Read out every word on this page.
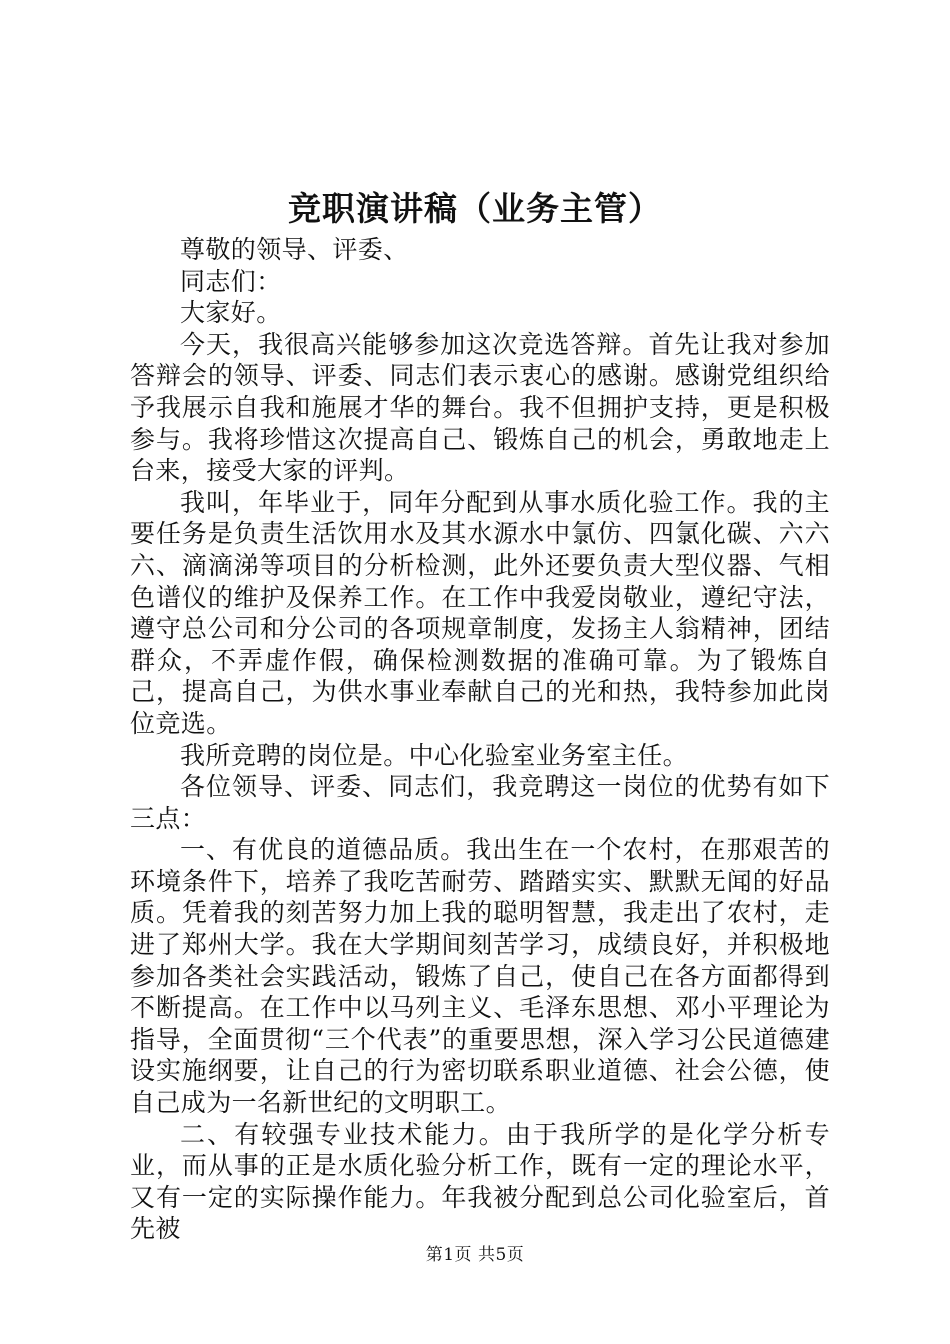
竞职演讲稿（业务主管）

尊敬的领导、评委、

同志们：

大家好。

今天，我很高兴能够参加这次竞选答辩。首先让我对参加答辩会的领导、评委、同志们表示衷心的感谢。感谢党组织给予我展示自我和施展才华的舞台。我不但拥护支持，更是积极参与。我将珍惜这次提高自己、锻炼自己的机会，勇敢地走上台来，接受大家的评判。

我叫，年毕业于，同年分配到从事水质化验工作。我的主要任务是负责生活饮用水及其水源水中氯仿、四氯化碳、六六六、滴滴涕等项目的分析检测，此外还要负责大型仪器、气相色谱仪的维护及保养工作。在工作中我爱岗敬业，遵纪守法，遵守总公司和分公司的各项规章制度，发扬主人翁精神，团结群众，不弄虚作假，确保检测数据的准确可靠。为了锻炼自己，提高自己，为供水事业奉献自己的光和热，我特参加此岗位竞选。

我所竞聘的岗位是。中心化验室业务室主任。

各位领导、评委、同志们，我竞聘这一岗位的优势有如下三点：

一、有优良的道德品质。我出生在一个农村，在那艰苦的环境条件下，培养了我吃苦耐劳、踏踏实实、默默无闻的好品质。凭着我的刻苦努力加上我的聪明智慧，我走出了农村，走进了郑州大学。我在大学期间刻苦学习，成绩良好，并积极地参加各类社会实践活动，锻炼了自己，使自己在各方面都得到不断提高。在工作中以马列主义、毛泽东思想、邓小平理论为指导，全面贯彻“三个代表”的重要思想，深入学习公民道德建设实施纲要，让自己的行为密切联系职业道德、社会公德，使自己成为一名新世纪的文明职工。

二、有较强专业技术能力。由于我所学的是化学分析专业，而从事的正是水质化验分析工作，既有一定的理论水平，又有一定的实际操作能力。年我被分配到总公司化验室后，首先被

第1页 共5页
